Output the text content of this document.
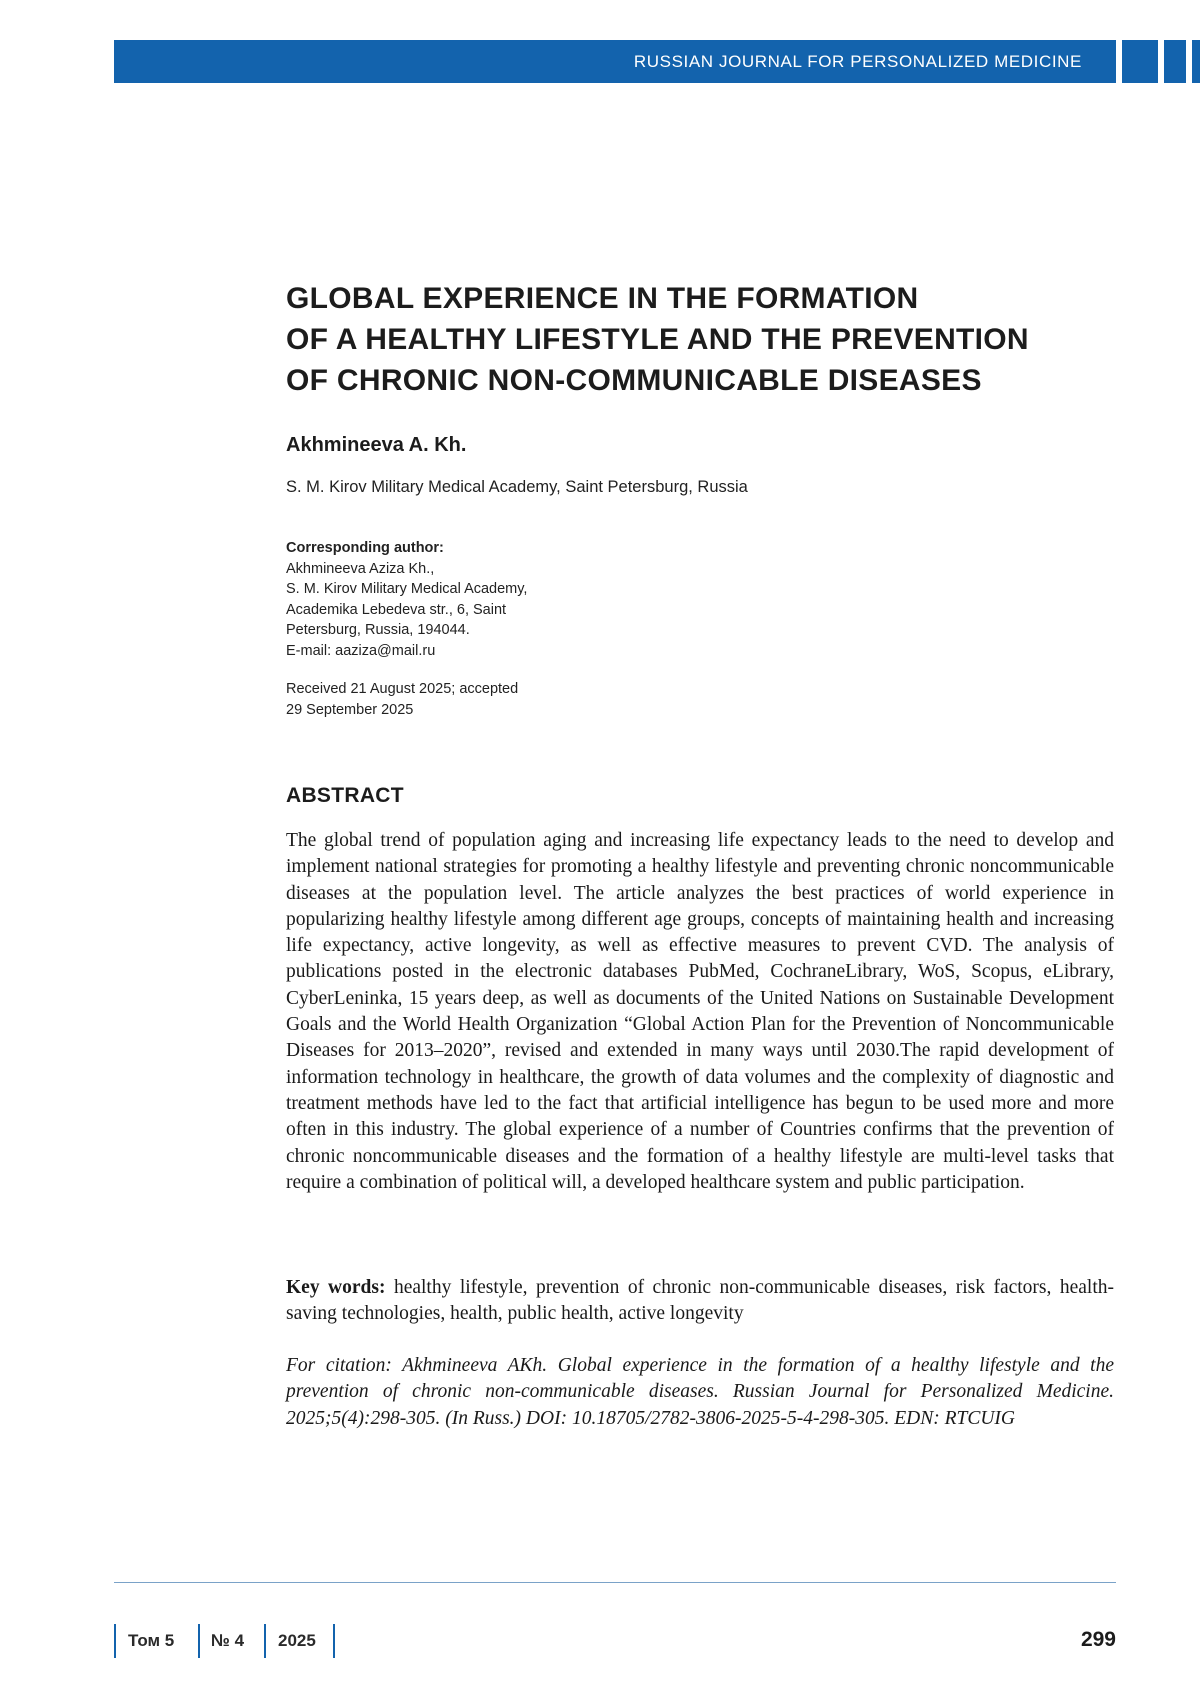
RUSSIAN JOURNAL FOR PERSONALIZED MEDICINE
GLOBAL EXPERIENCE IN THE FORMATION
OF A HEALTHY LIFESTYLE AND THE PREVENTION
OF CHRONIC NON-COMMUNICABLE DISEASES
Akhmineeva A. Kh.
S. M. Kirov Military Medical Academy, Saint Petersburg, Russia
Corresponding author:
Akhmineeva Aziza Kh.,
S. M. Kirov Military Medical Academy,
Academika Lebedeva str., 6, Saint
Petersburg, Russia, 194044.
E-mail: aaziza@mail.ru
Received 21 August 2025; accepted
29 September 2025
ABSTRACT

The global trend of population aging and increasing life expectancy leads to the need to develop and implement national strategies for promoting a healthy lifestyle and preventing chronic noncommunicable diseases at the population level. The article analyzes the best practices of world experience in popularizing healthy lifestyle among different age groups, concepts of maintaining health and increasing life expectancy, active longevity, as well as effective measures to prevent CVD. The analysis of publications posted in the electronic databases PubMed, CochraneLibrary, WoS, Scopus, eLibrary, CyberLeninka, 15 years deep, as well as documents of the United Nations on Sustainable Development Goals and the World Health Organization “Global Action Plan for the Prevention of Noncommunicable Diseases for 2013–2020”, revised and extended in many ways until 2030.The rapid development of information technology in healthcare, the growth of data volumes and the complexity of diagnostic and treatment methods have led to the fact that artificial intelligence has begun to be used more and more often in this industry. The global experience of a number of Countries confirms that the prevention of chronic noncommunicable diseases and the formation of a healthy lifestyle are multi-level tasks that require a combination of political will, a developed healthcare system and public participation.

Key words: healthy lifestyle, prevention of chronic non-communicable diseases, risk factors, health-saving technologies, health, public health, active longevity

For citation: Akhmineeva AKh. Global experience in the formation of a healthy lifestyle and the prevention of chronic non-communicable diseases. Russian Journal for Personalized Medicine. 2025;5(4):298-305. (In Russ.) DOI: 10.18705/2782-3806-2025-5-4-298-305. EDN: RTCUIG

Том 5 № 4 2025	299
